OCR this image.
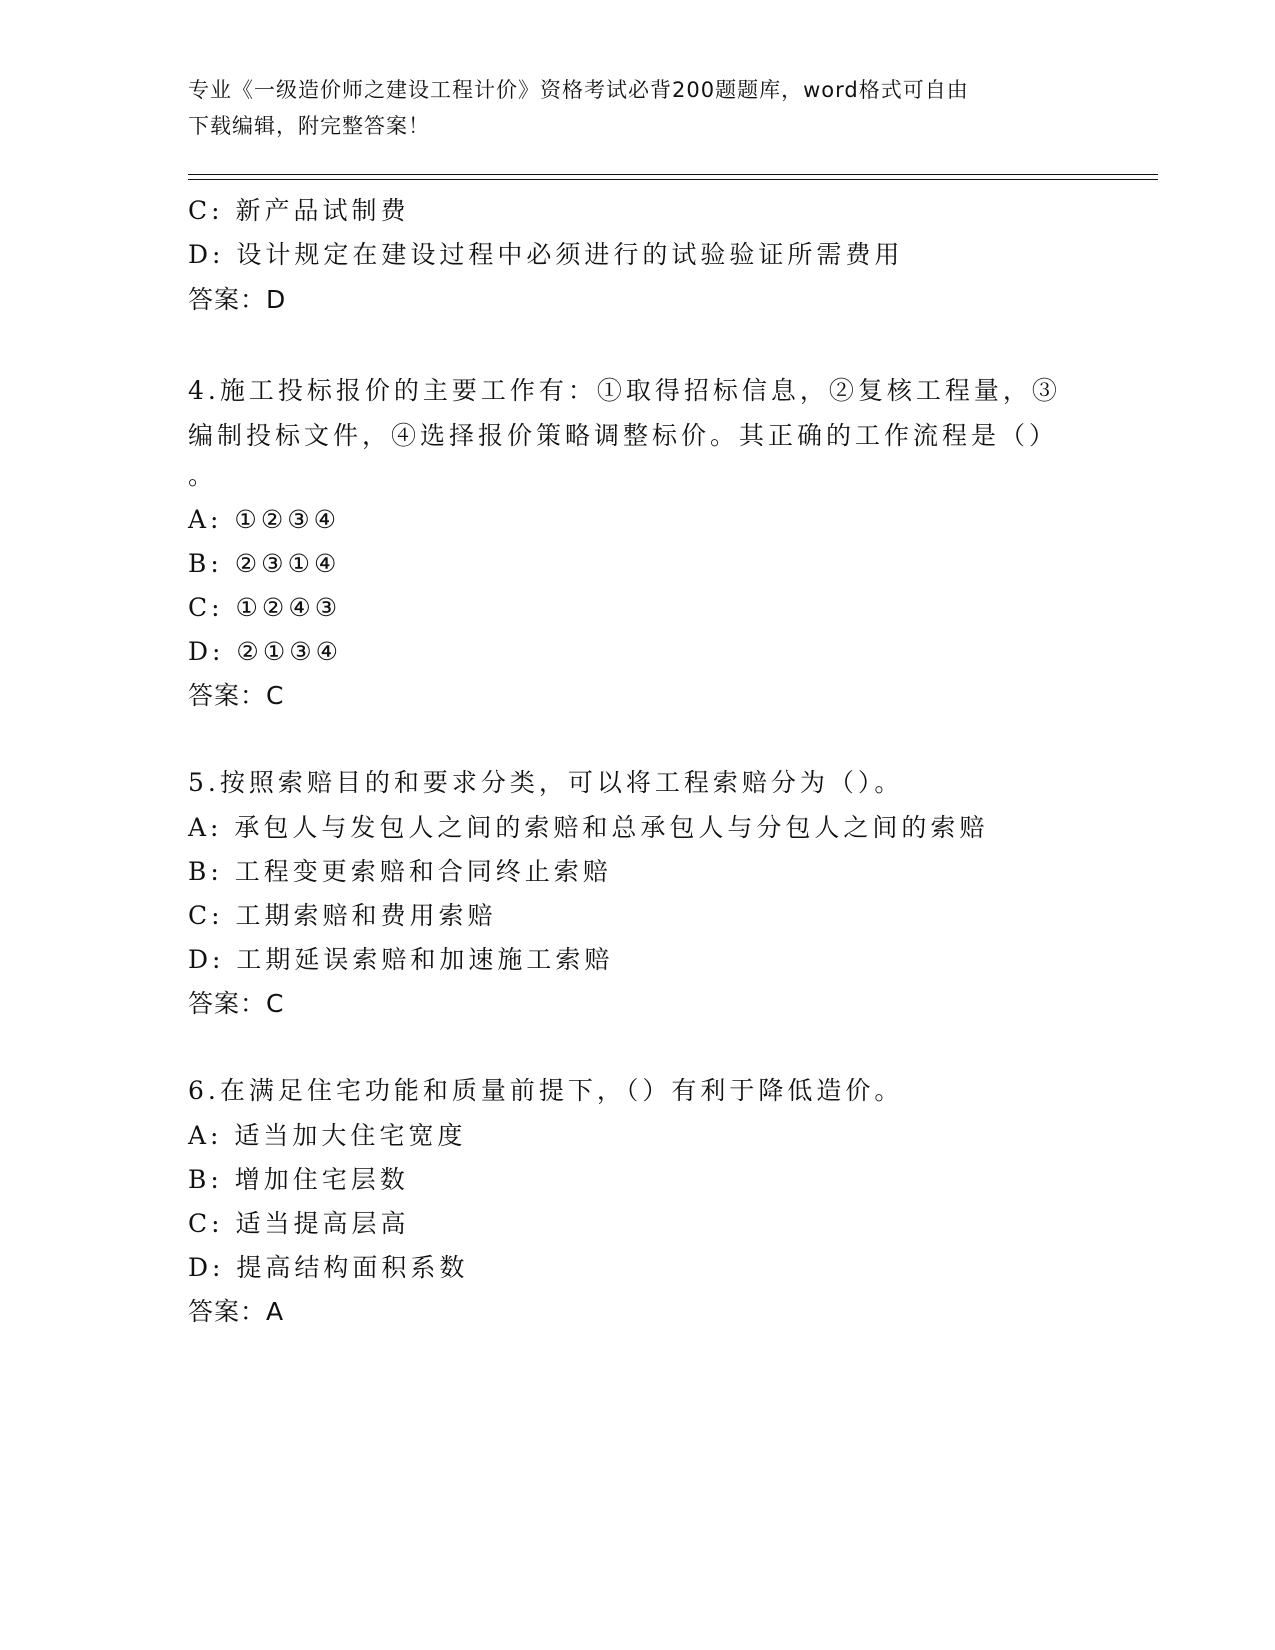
专业《一级造价师之建设工程计价》资格考试必背200题题库，word格式可自由
下载编辑，附完整答案！
C: 新产品试制费
D: 设计规定在建设过程中必须进行的试验验证所需费用
答案：D
4.施工投标报价的主要工作有：①取得招标信息，②复核工程量，③
编制投标文件，④选择报价策略调整标价。其正确的工作流程是（）
。
A: ①②③④
B: ②③①④
C: ①②④③
D: ②①③④
答案：C
5.按照索赔目的和要求分类，可以将工程索赔分为（）。
A: 承包人与发包人之间的索赔和总承包人与分包人之间的索赔
B: 工程变更索赔和合同终止索赔
C: 工期索赔和费用索赔
D: 工期延误索赔和加速施工索赔
答案：C
6.在满足住宅功能和质量前提下，（）有利于降低造价。
A: 适当加大住宅宽度
B: 增加住宅层数
C: 适当提高层高
D: 提高结构面积系数
答案：A
